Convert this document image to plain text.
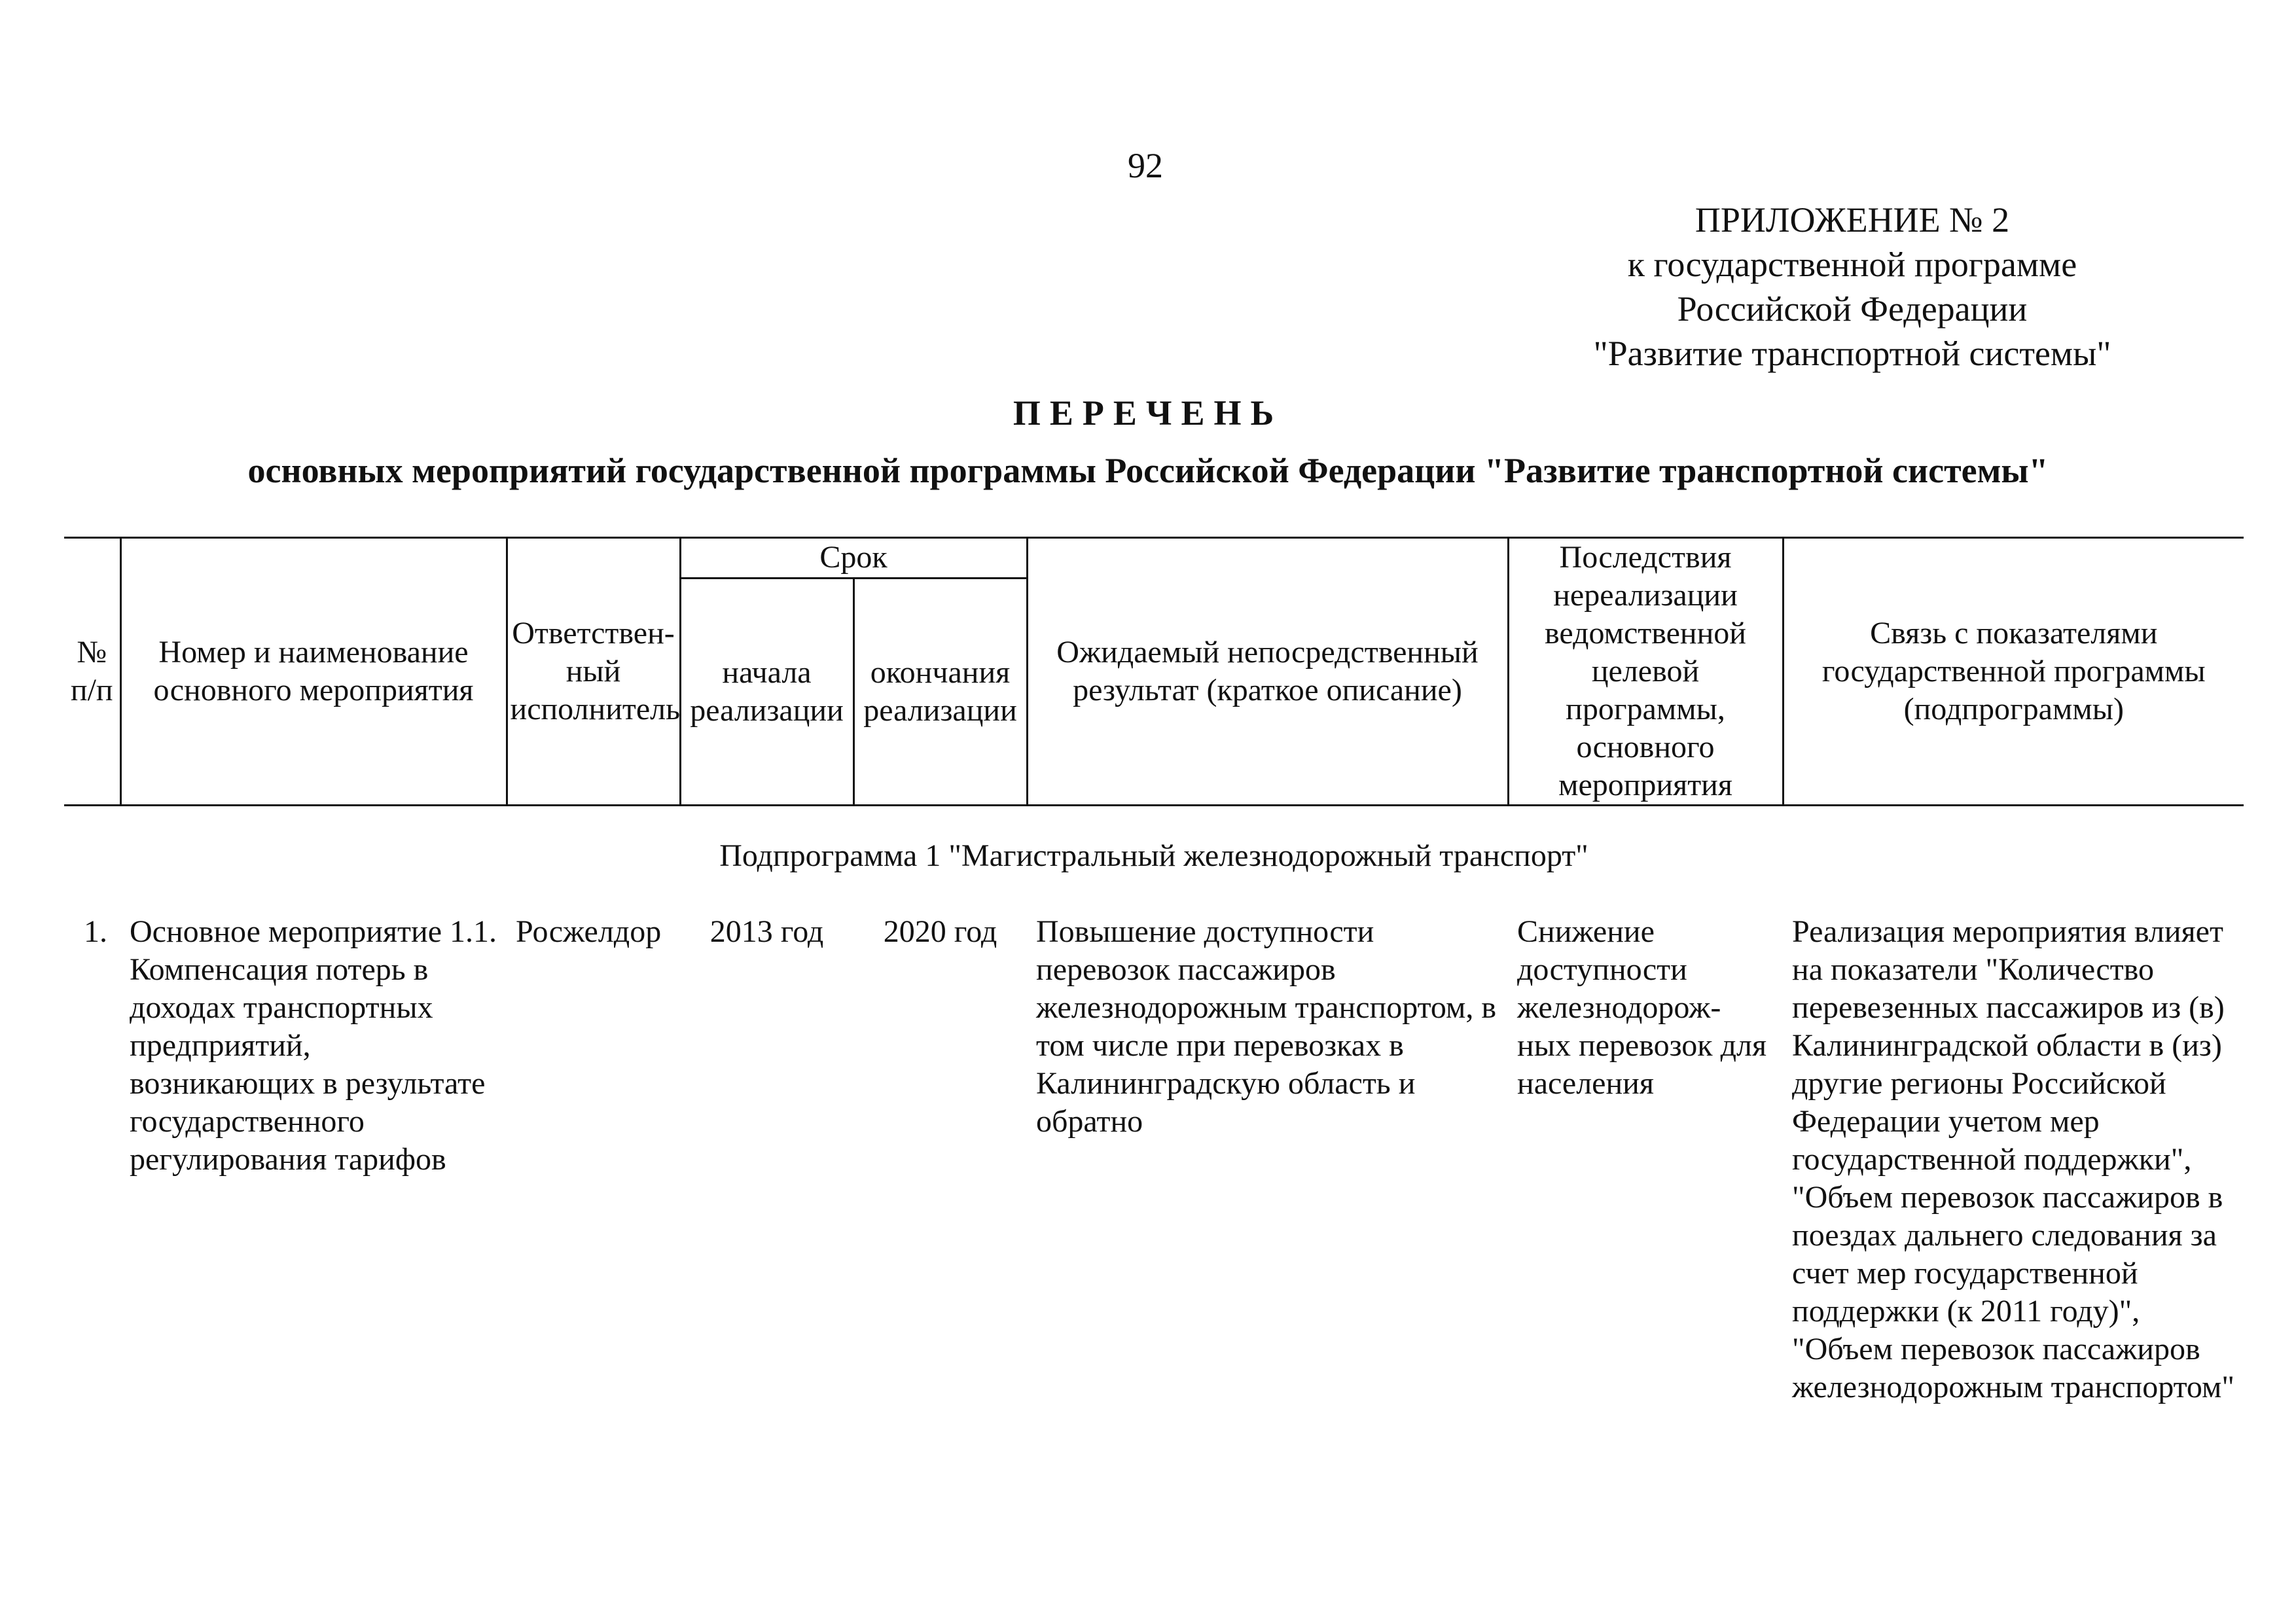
92
ПРИЛОЖЕНИЕ № 2
к государственной программе
Российской Федерации
"Развитие транспортной системы"
ПЕРЕЧЕНЬ
основных мероприятий государственной программы Российской Федерации "Развитие транспортной системы"
№ п/п	Номер и наименование основного мероприятия	Ответствен- ный исполнитель	Срок		Ожидаемый непосредственный результат (краткое описание)	Последствия нереализации ведомственной целевой программы, основного мероприятия	Связь с показателями государственной программы (подпрограммы)
			начала реализации	окончания реализации			
Подпрограмма 1 "Магистральный железнодорожный транспорт"							
1.	Основное мероприятие 1.1. Компенсация потерь в доходах транспортных предприятий, возникающих в результате государственного регулирования тарифов	Росжелдор	2013 год	2020 год	Повышение доступности перевозок пассажиров железнодорожным транспортом, в том числе при перевозках в Калининградскую область и обратно	Снижение доступности железнодорож- ных перевозок для населения	Реализация мероприятия влияет на показатели "Количество перевезенных пассажиров из (в) Калининградской области в (из) другие регионы Российской Федерации учетом мер государственной поддержки", "Объем перевозок пассажиров в поездах дальнего следования за счет мер государственной поддержки (к 2011 году)", "Объем перевозок пассажиров железнодорожным транспортом"
